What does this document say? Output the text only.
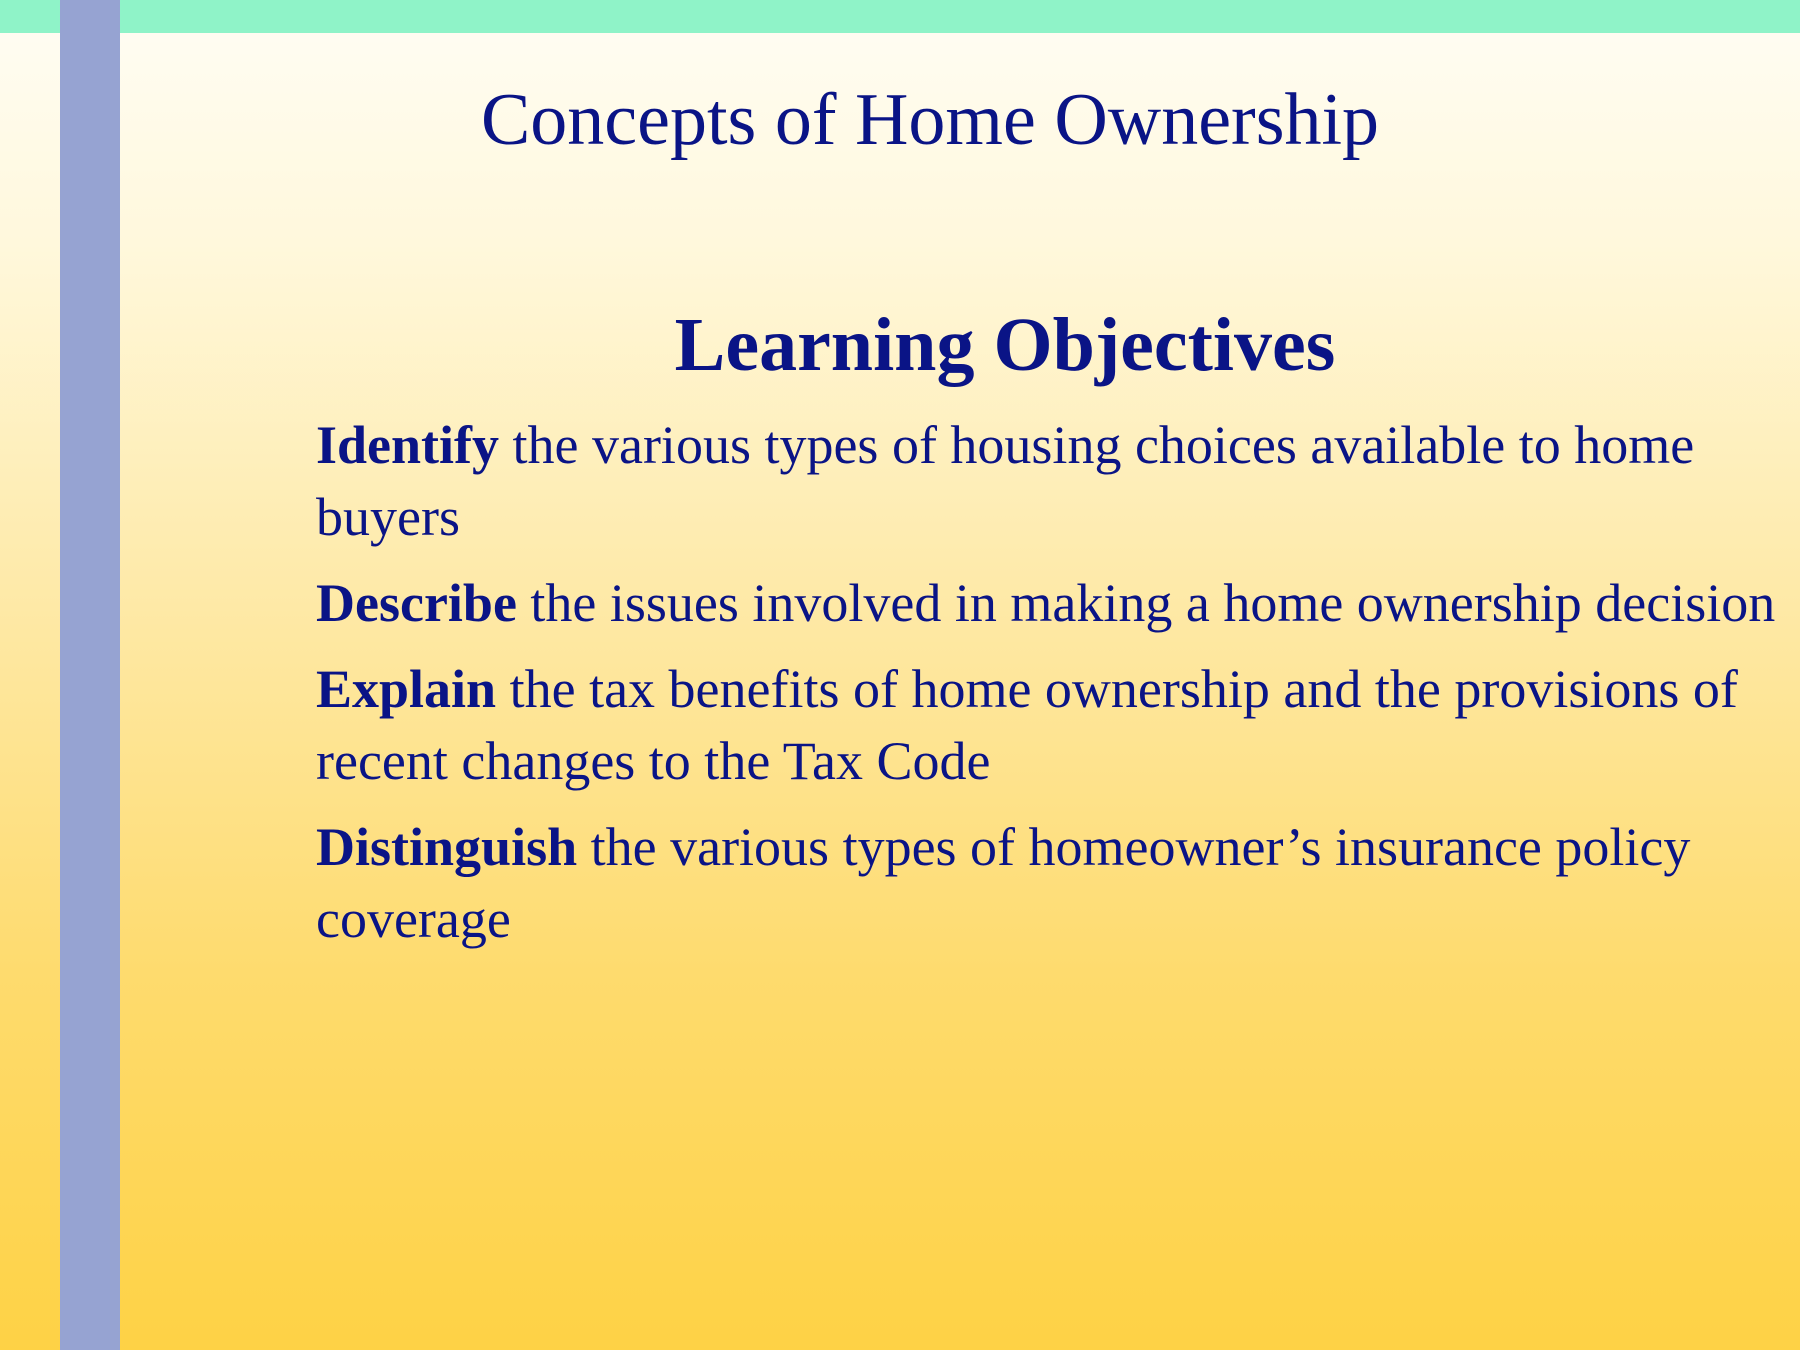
Concepts of Home Ownership
Learning Objectives
Identify the various types of housing choices available to home buyers
Describe the issues involved in making a home ownership decision
Explain the tax benefits of home ownership and the provisions of recent changes to the Tax Code
Distinguish the various types of homeowner’s insurance policy coverage
